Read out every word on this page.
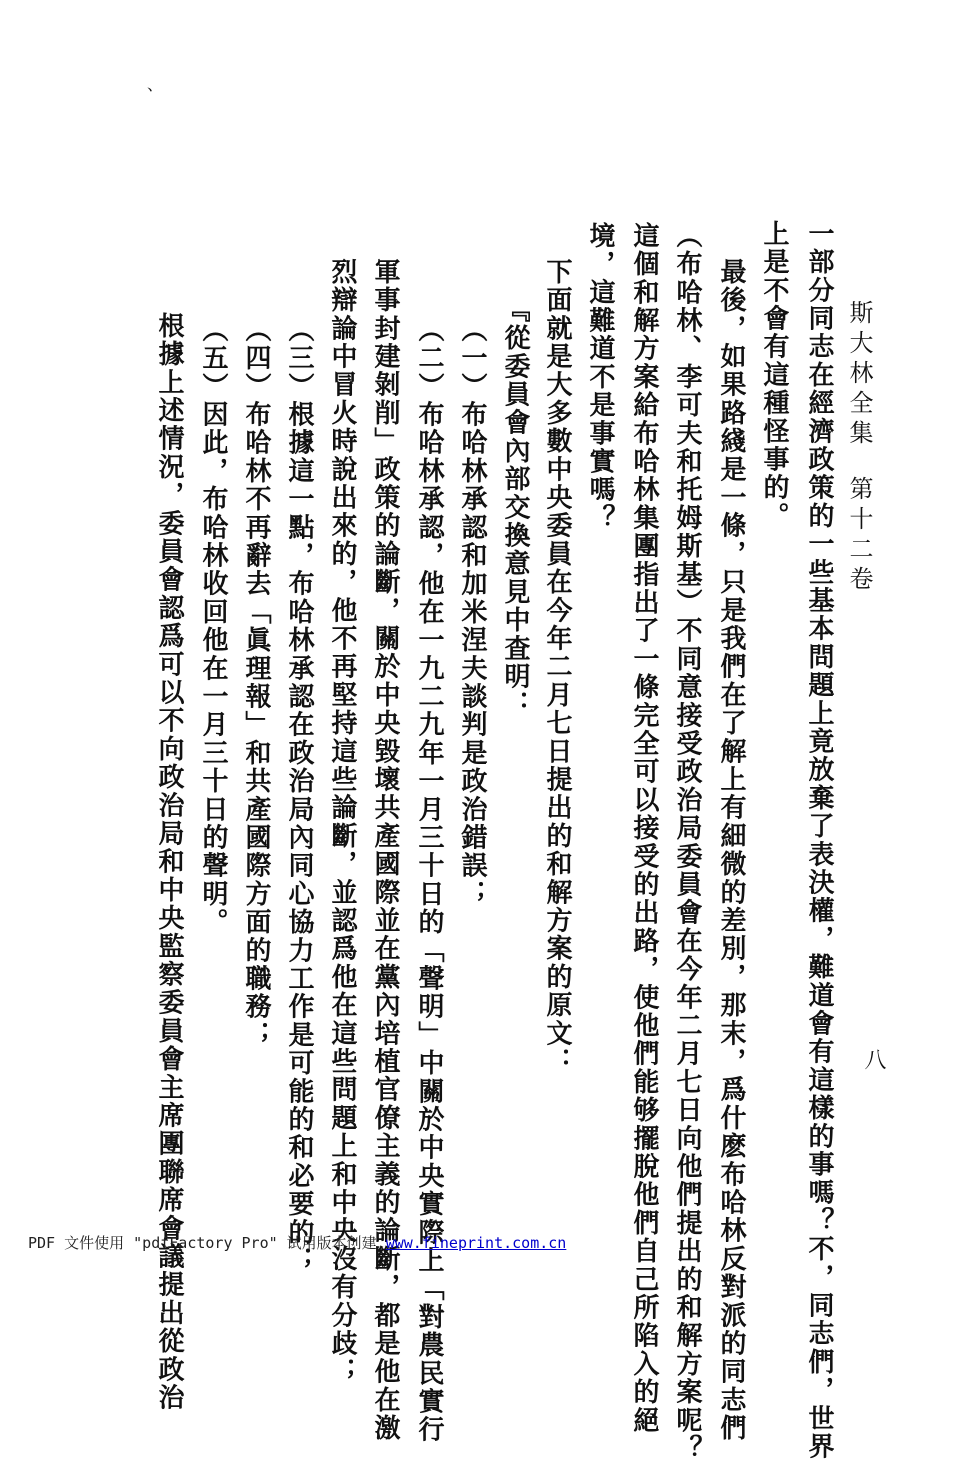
、
斯大林全集
第十二卷
八
上是不會有這種怪事的。 一部分同志在經濟政策的一些基本問題上竟放棄了表決權，難道會有這樣的事嗎？不，同志們，世界
最後，如果路綫是一條，只是我們在了解上有細微的差別，那末，爲什麽布哈林反對派的同志們
（布哈林、李可夫和托姆斯基）不同意接受政治局委員會在今年二月七日向他們提出的和解方案呢？
這個和解方案給布哈林集團指出了一條完全可以接受的出路，使他們能够擺脫他們自己所陷入的絕
境，這難道不是事實嗎？
下面就是大多數中央委員在今年二月七日提出的和解方案的原文：
『從委員會內部交換意見中査明：
（一）布哈林承認和加米涅夫談判是政治錯誤；
（二）布哈林承認，他在一九二九年一月三十日的「聲明」中關於中央實際上「對農民實行
軍事封建剝削」政策的論斷，關於中央毀壞共產國際並在黨內培植官僚主義的論斷，都是他在激
烈辯論中冒火時說出來的，他不再堅持這些論斷，並認爲他在這些問題上和中央沒有分歧；
（三）根據這一點，布哈林承認在政治局內同心協力工作是可能的和必要的；
（四）布哈林不再辭去「眞理報」和共產國際方面的職務；
（五）因此，布哈林收回他在一月三十日的聲明。
根據上述情況，委員會認爲可以不向政治局和中央監察委員會主席團聯席會議提出從政治
PDF 文件使用 "pdfFactory Pro" 试用版本创建 www.fineprint.com.cn
